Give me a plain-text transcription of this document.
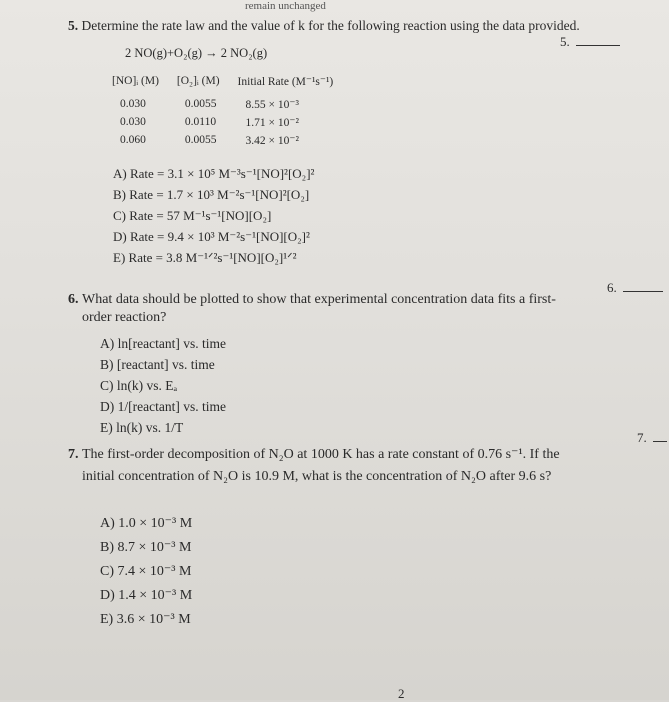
remain unchanged
5. Determine the rate law and the value of k for the following reaction using the data provided.
5.
2 NO(g)+O₂(g) → 2 NO₂(g)
[NO]ᵢ (M)	[O₂]ᵢ (M)	Initial Rate (M⁻¹s⁻¹)
0.030	0.0055	8.55 × 10⁻³
0.030	0.0110	1.71 × 10⁻²
0.060	0.0055	3.42 × 10⁻²
A) Rate = 3.1 × 10⁵ M⁻³s⁻¹[NO]²[O₂]²
B) Rate = 1.7 × 10³ M⁻²s⁻¹[NO]²[O₂]
C) Rate = 57 M⁻¹s⁻¹[NO][O₂]
D) Rate = 9.4 × 10³ M⁻²s⁻¹[NO][O₂]²
E) Rate = 3.8 M⁻¹ᐟ²s⁻¹[NO][O₂]¹ᐟ²
6. What data should be plotted to show that experimental concentration data fits a first-order reaction?
6.
A) ln[reactant] vs. time
B) [reactant] vs. time
C) ln(k) vs. Eₐ
D) 1/[reactant] vs. time
E) ln(k) vs. 1/T
7. The first-order decomposition of N₂O at 1000 K has a rate constant of 0.76 s⁻¹. If the initial concentration of N₂O is 10.9 M, what is the concentration of N₂O after 9.6 s?
7.
A) 1.0 × 10⁻³ M
B) 8.7 × 10⁻³ M
C) 7.4 × 10⁻³ M
D) 1.4 × 10⁻³ M
E) 3.6 × 10⁻³ M
2
